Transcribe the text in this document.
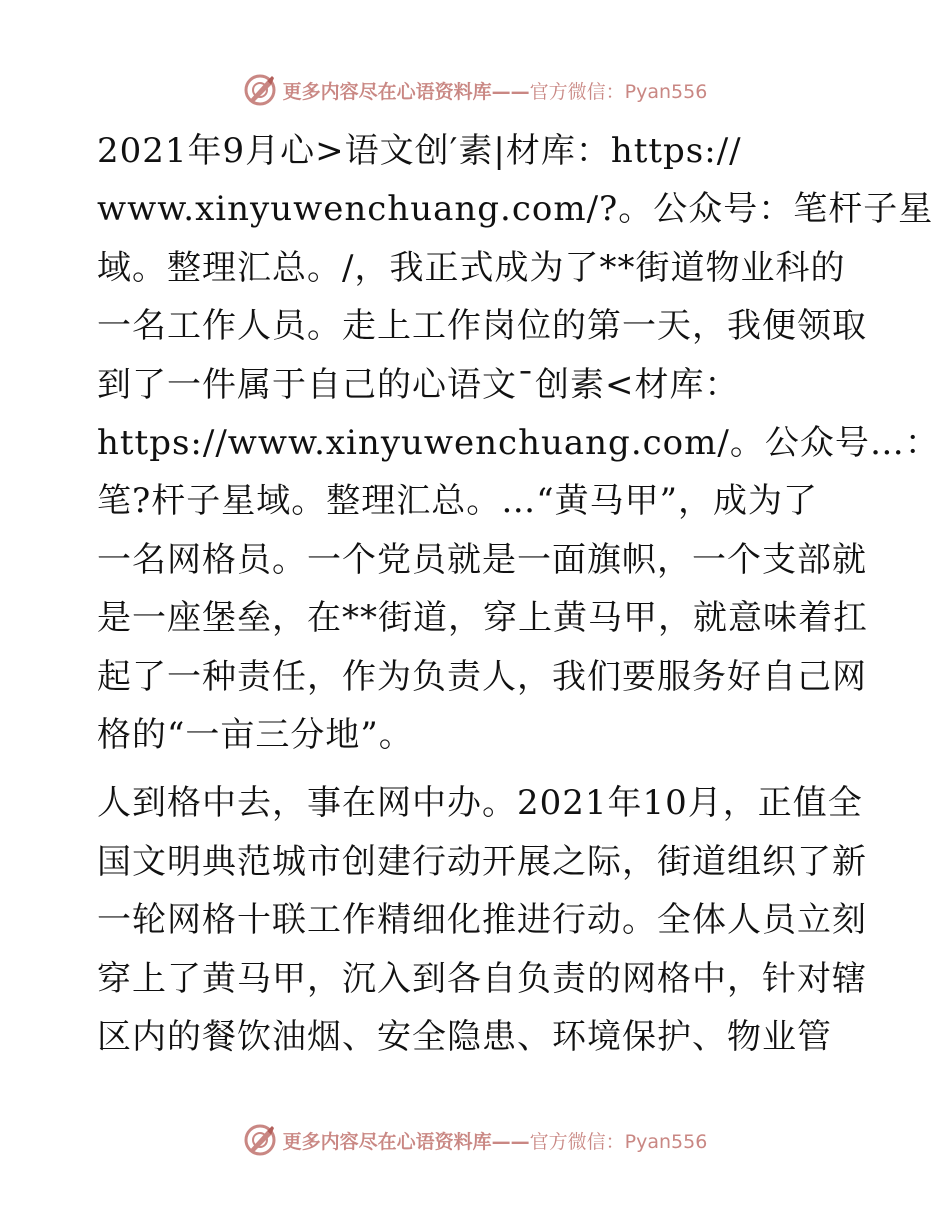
更多内容尽在心语资料库——官方微信：Pyan556

2021年9月心>语文创′素|材库：https://
www.xinyuwenchuang.com/?。公众号：笔杆子星
域。整理汇总。/，我正式成为了**街道物业科的
一名工作人员。走上工作岗位的第一天，我便领取
到了一件属于自己的心语文¯创素<材库：
https://www.xinyuwenchuang.com/。公众号…：
笔?杆子星域。整理汇总。…“黄马甲”，成为了
一名网格员。一个党员就是一面旗帜，一个支部就
是一座堡垒，在**街道，穿上黄马甲，就意味着扛
起了一种责任，作为负责人，我们要服务好自己网
格的“一亩三分地”。

人到格中去，事在网中办。2021年10月，正值全
国文明典范城市创建行动开展之际，街道组织了新
一轮网格十联工作精细化推进行动。全体人员立刻
穿上了黄马甲，沉入到各自负责的网格中，针对辖
区内的餐饮油烟、安全隐患、环境保护、物业管

更多内容尽在心语资料库——官方微信：Pyan556
